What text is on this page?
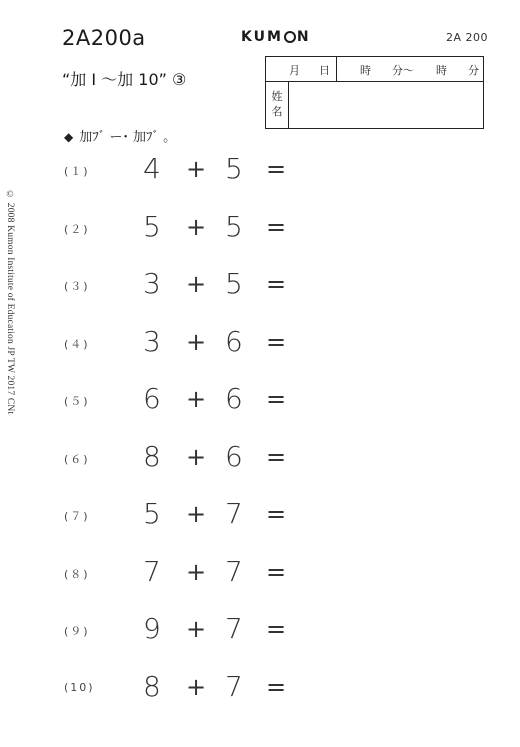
2A200a	KUM N	2A 200
“加 I ～加 10” ③	月 日	時 分～ 時 分
姓
名
◆ 加ﾌﾞ ー･ 加ﾌﾞ 。
© 2008 Kumon Institute of Education JP TW 2017 CNt
(１) 4 + 5 =
(２) 5 + 5 =
(３) 3 + 5 =
(４) 3 + 6 =
(５) 6 + 6 =
(６) 8 + 6 =
(７) 5 + 7 =
(８) 7 + 7 =
(９) 9 + 7 =
(10) 8 + 7 =
